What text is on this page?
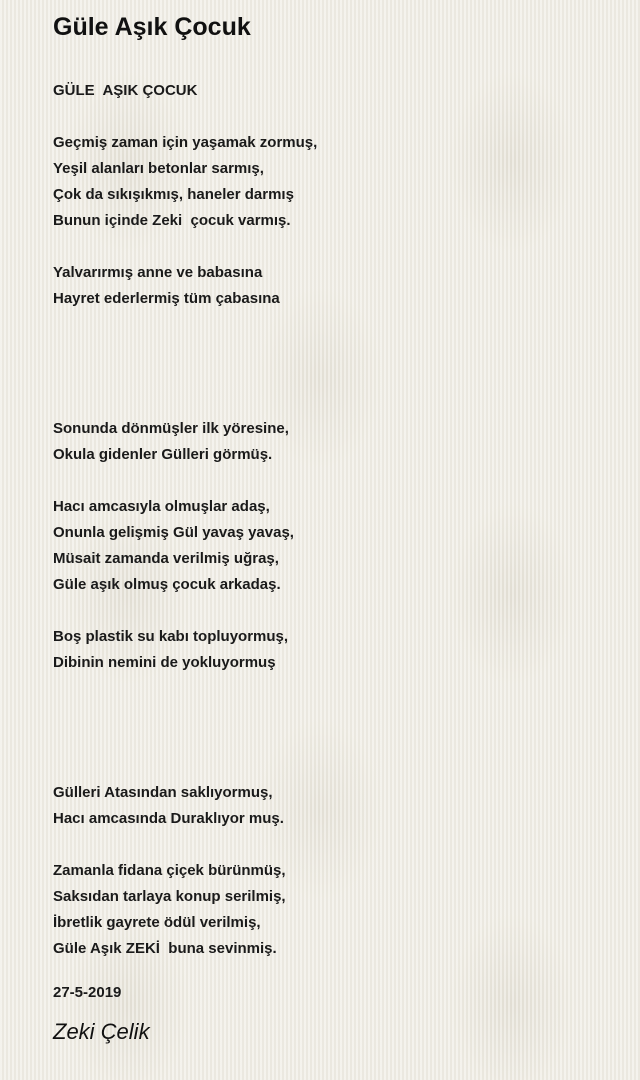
Güle Aşık Çocuk
GÜLE  AŞIK ÇOCUK
Geçmiş zaman için yaşamak zormuş,
Yeşil alanları betonlar sarmış,
Çok da sıkışıkmış, haneler darmış
Bunun içinde Zeki  çocuk varmış.
Yalvarırmış anne ve babasına
Hayret ederlermiş tüm çabasına
Sonunda dönmüşler ilk yöresine,
Okula gidenler Gülleri görmüş.
Hacı amcasıyla olmuşlar adaş,
Onunla gelişmiş Gül yavaş yavaş,
Müsait zamanda verilmiş uğraş,
Güle aşık olmuş çocuk arkadaş.
Boş plastik su kabı topluyormuş,
Dibinin nemini de yokluyormuş
Gülleri Atasından saklıyormuş,
Hacı amcasında Duraklıyor muş.
Zamanla fidana çiçek bürünmüş,
Saksıdan tarlaya konup serilmiş,
İbretlik gayrete ödül verilmiş,
Güle Aşık ZEKİ  buna sevinmiş.
27-5-2019
Zeki Çelik
